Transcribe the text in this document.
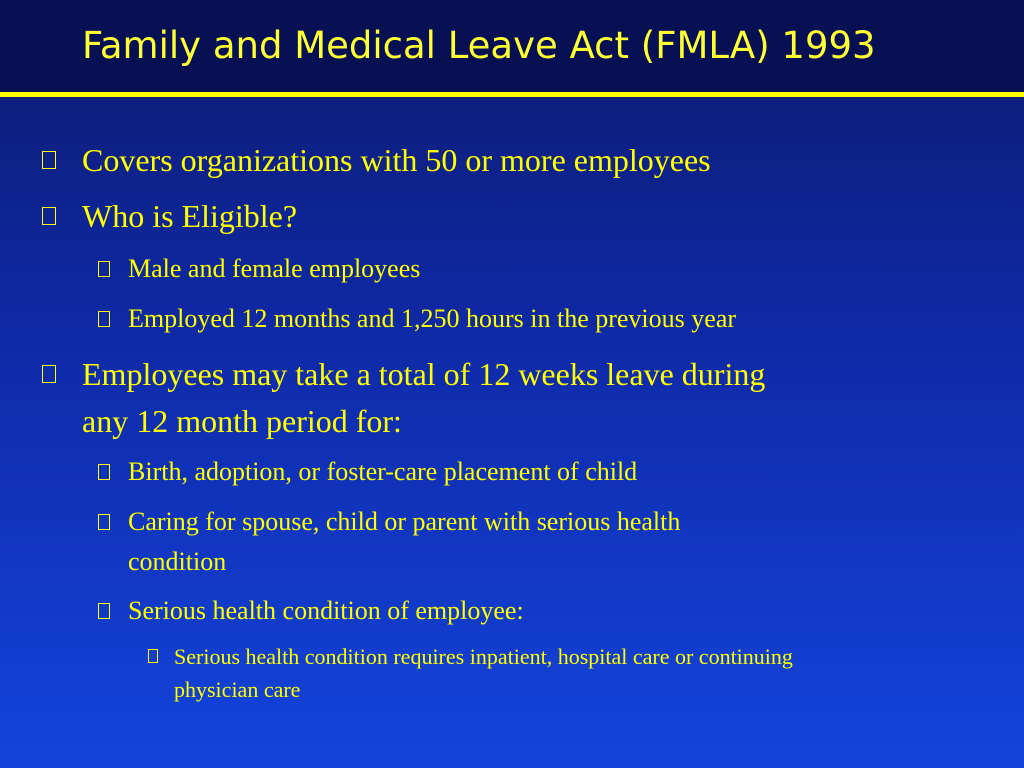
Family and Medical Leave Act (FMLA) 1993

Covers organizations with 50 or more employees

Who is Eligible?

Male and female employees

Employed 12 months and 1,250 hours in the previous year

Employees may take a total of 12 weeks leave during

any 12 month period for:

Birth, adoption, or foster-care placement of child

Caring for spouse, child or parent with serious health

condition

Serious health condition of employee:

Serious health condition requires inpatient, hospital care or continuing

physician care
